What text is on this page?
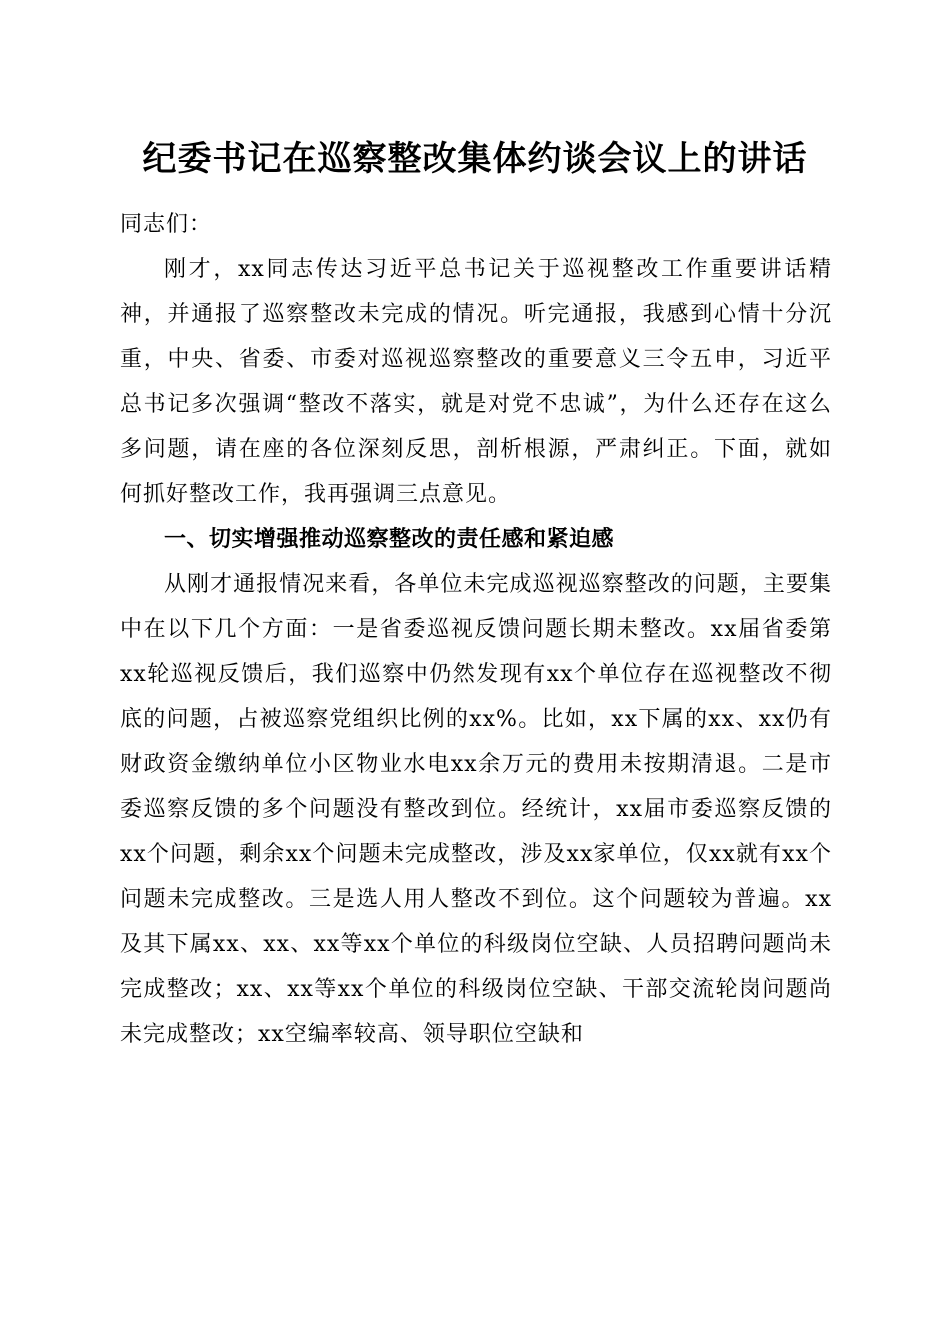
纪委书记在巡察整改集体约谈会议上的讲话

同志们：

刚才，xx同志传达习近平总书记关于巡视整改工作重要讲话精神，并通报了巡察整改未完成的情况。听完通报，我感到心情十分沉重，中央、省委、市委对巡视巡察整改的重要意义三令五申，习近平总书记多次强调“整改不落实，就是对党不忠诚”，为什么还存在这么多问题，请在座的各位深刻反思，剖析根源，严肃纠正。下面，就如何抓好整改工作，我再强调三点意见。

一、切实增强推动巡察整改的责任感和紧迫感

从刚才通报情况来看，各单位未完成巡视巡察整改的问题，主要集中在以下几个方面：一是省委巡视反馈问题长期未整改。xx届省委第xx轮巡视反馈后，我们巡察中仍然发现有xx个单位存在巡视整改不彻底的问题，占被巡察党组织比例的xx%。比如，xx下属的xx、xx仍有财政资金缴纳单位小区物业水电xx余万元的费用未按期清退。二是市委巡察反馈的多个问题没有整改到位。经统计，xx届市委巡察反馈的xx个问题，剩余xx个问题未完成整改，涉及xx家单位，仅xx就有xx个问题未完成整改。三是选人用人整改不到位。这个问题较为普遍。xx及其下属xx、xx、xx等xx个单位的科级岗位空缺、人员招聘问题尚未完成整改；xx、xx等xx个单位的科级岗位空缺、干部交流轮岗问题尚未完成整改；xx空编率较高、领导职位空缺和
